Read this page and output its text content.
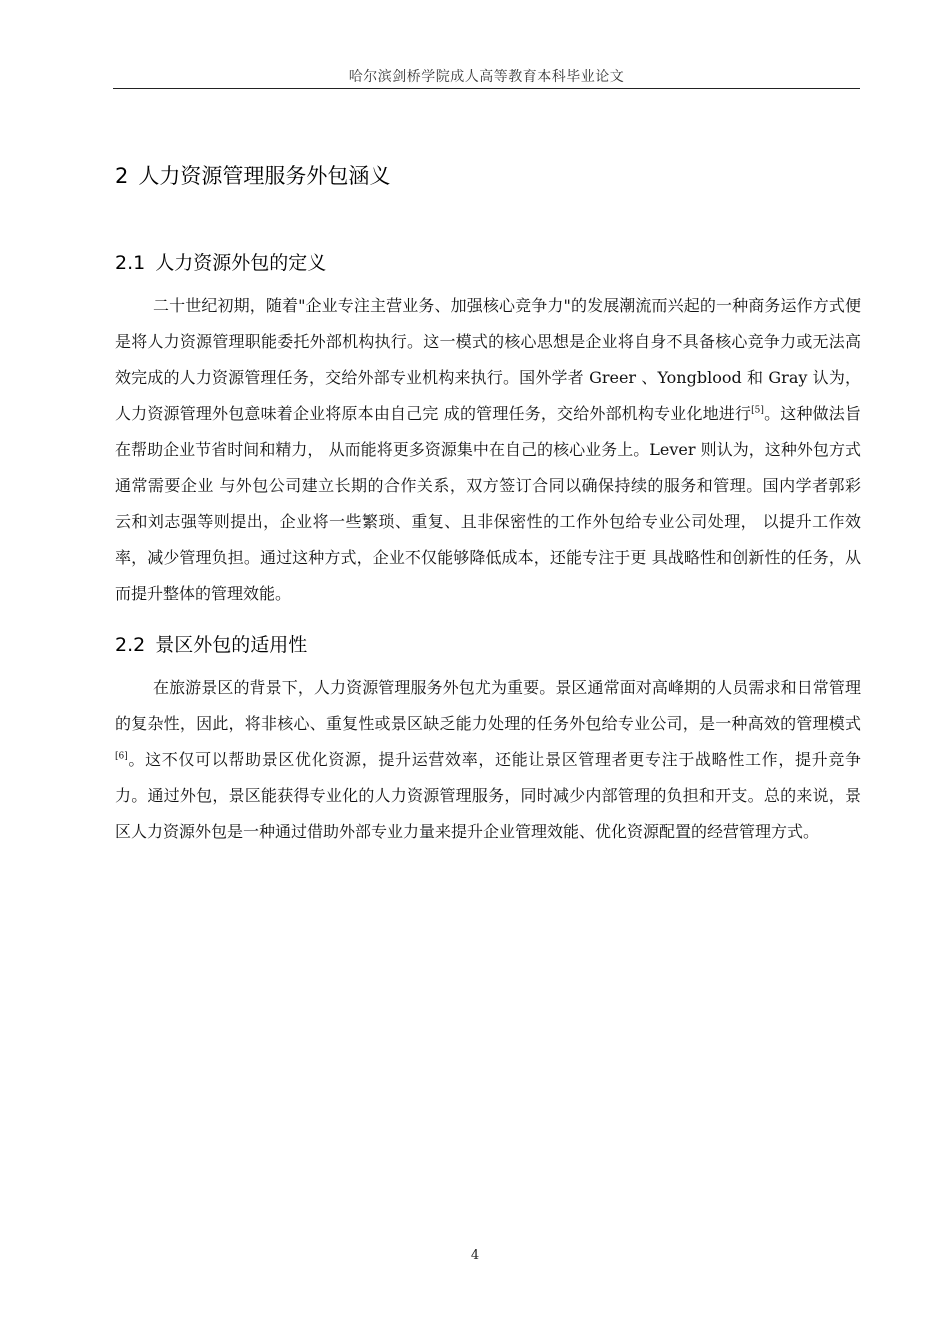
哈尔滨剑桥学院成人高等教育本科毕业论文
2 人力资源管理服务外包涵义
2.1 人力资源外包的定义

二十世纪初期，随着"企业专注主营业务、加强核心竞争力"的发展潮流而兴起的一种商务运作方式便是将人力资源管理职能委托外部机构执行。这一模式的核心思想是企业将自身不具备核心竞争力或无法高效完成的人力资源管理任务，交给外部专业机构来执行。国外学者 Greer 、Yongblood 和 Gray 认为，人力资源管理外包意味着企业将原本由自己完 成的管理任务，交给外部机构专业化地进行[5]。这种做法旨在帮助企业节省时间和精力， 从而能将更多资源集中在自己的核心业务上。Lever 则认为，这种外包方式通常需要企业 与外包公司建立长期的合作关系，双方签订合同以确保持续的服务和管理。国内学者郭彩 云和刘志强等则提出，企业将一些繁琐、重复、且非保密性的工作外包给专业公司处理， 以提升工作效率，减少管理负担。通过这种方式，企业不仅能够降低成本，还能专注于更 具战略性和创新性的任务，从而提升整体的管理效能。

2.2 景区外包的适用性

在旅游景区的背景下，人力资源管理服务外包尤为重要。景区通常面对高峰期的人员需求和日常管理的复杂性，因此，将非核心、重复性或景区缺乏能力处理的任务外包给专业公司，是一种高效的管理模式[6]。这不仅可以帮助景区优化资源，提升运营效率，还能让景区管理者更专注于战略性工作，提升竞争力。通过外包，景区能获得专业化的人力资源管理服务，同时减少内部管理的负担和开支。总的来说，景区人力资源外包是一种通过借助外部专业力量来提升企业管理效能、优化资源配置的经营管理方式。

4
